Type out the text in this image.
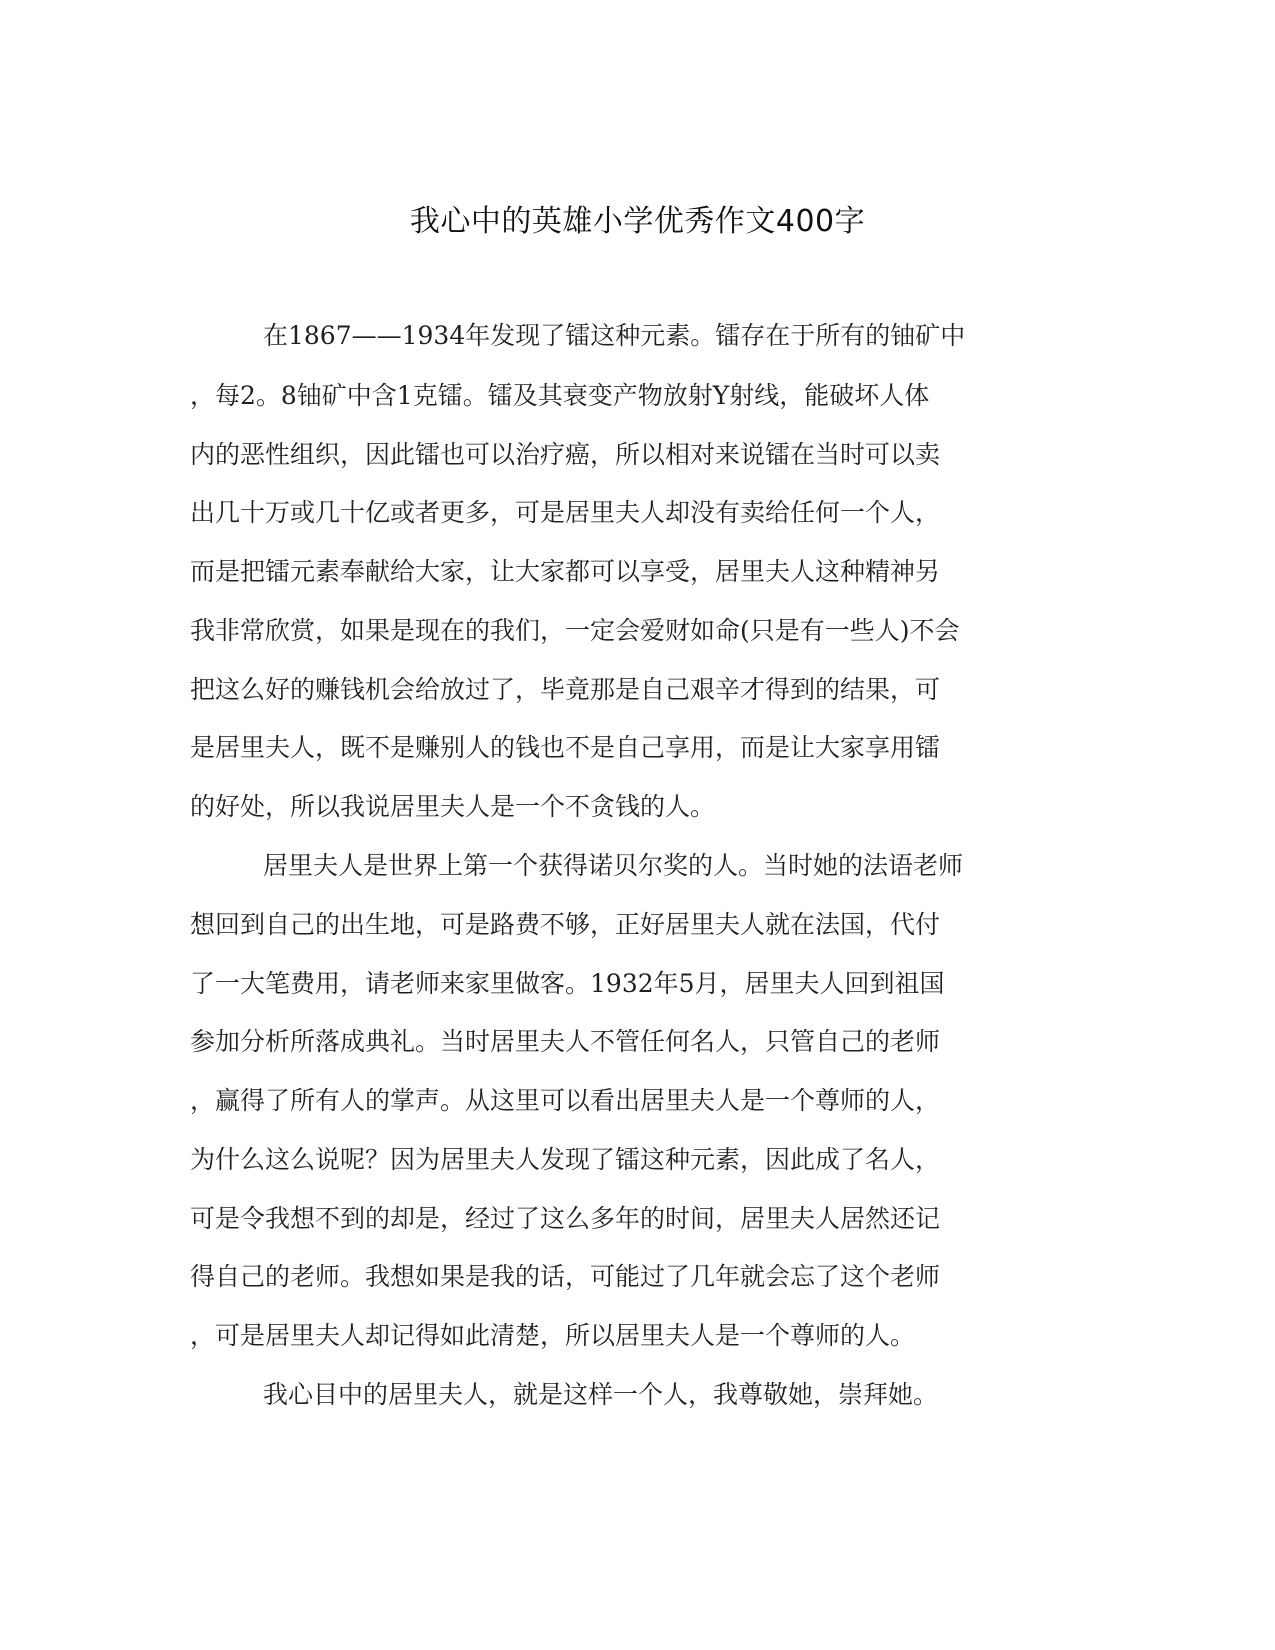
我心中的英雄小学优秀作文400字

在1867——1934年发现了镭这种元素。镭存在于所有的铀矿中

，每2。8铀矿中含1克镭。镭及其衰变产物放射Y射线，能破坏人体

内的恶性组织，因此镭也可以治疗癌，所以相对来说镭在当时可以卖

出几十万或几十亿或者更多，可是居里夫人却没有卖给任何一个人，

而是把镭元素奉献给大家，让大家都可以享受，居里夫人这种精神另

我非常欣赏，如果是现在的我们，一定会爱财如命(只是有一些人)不会

把这么好的赚钱机会给放过了，毕竟那是自己艰辛才得到的结果，可

是居里夫人，既不是赚别人的钱也不是自己享用，而是让大家享用镭

的好处，所以我说居里夫人是一个不贪钱的人。

居里夫人是世界上第一个获得诺贝尔奖的人。当时她的法语老师

想回到自己的出生地，可是路费不够，正好居里夫人就在法国，代付

了一大笔费用，请老师来家里做客。1932年5月，居里夫人回到祖国

参加分析所落成典礼。当时居里夫人不管任何名人，只管自己的老师

，赢得了所有人的掌声。从这里可以看出居里夫人是一个尊师的人，

为什么这么说呢？因为居里夫人发现了镭这种元素，因此成了名人，

可是令我想不到的却是，经过了这么多年的时间，居里夫人居然还记

得自己的老师。我想如果是我的话，可能过了几年就会忘了这个老师

，可是居里夫人却记得如此清楚，所以居里夫人是一个尊师的人。

我心目中的居里夫人，就是这样一个人，我尊敬她，崇拜她。
